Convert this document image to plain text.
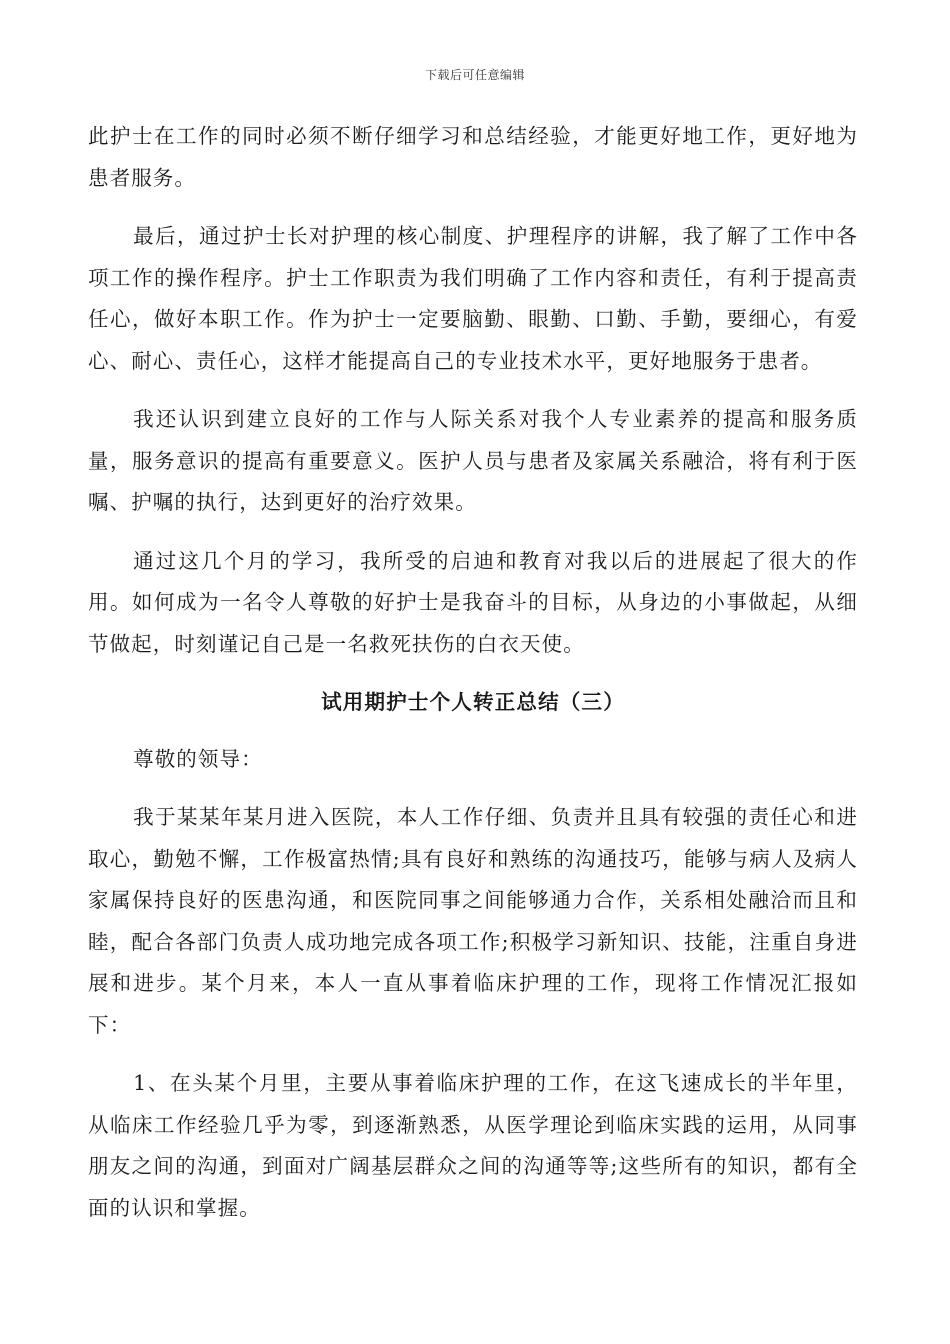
下载后可任意编辑

此护士在工作的同时必须不断仔细学习和总结经验，才能更好地工作，更好地为患者服务。

最后，通过护士长对护理的核心制度、护理程序的讲解，我了解了工作中各项工作的操作程序。护士工作职责为我们明确了工作内容和责任，有利于提高责任心，做好本职工作。作为护士一定要脑勤、眼勤、口勤、手勤，要细心，有爱心、耐心、责任心，这样才能提高自己的专业技术水平，更好地服务于患者。

我还认识到建立良好的工作与人际关系对我个人专业素养的提高和服务质量，服务意识的提高有重要意义。医护人员与患者及家属关系融洽，将有利于医嘱、护嘱的执行，达到更好的治疗效果。

通过这几个月的学习，我所受的启迪和教育对我以后的进展起了很大的作用。如何成为一名令人尊敬的好护士是我奋斗的目标，从身边的小事做起，从细节做起，时刻谨记自己是一名救死扶伤的白衣天使。

试用期护士个人转正总结（三）

尊敬的领导：

我于某某年某月进入医院，本人工作仔细、负责并且具有较强的责任心和进取心，勤勉不懈，工作极富热情;具有良好和熟练的沟通技巧，能够与病人及病人家属保持良好的医患沟通，和医院同事之间能够通力合作，关系相处融洽而且和睦，配合各部门负责人成功地完成各项工作;积极学习新知识、技能，注重自身进展和进步。某个月来，本人一直从事着临床护理的工作，现将工作情况汇报如下：

1、在头某个月里，主要从事着临床护理的工作，在这飞速成长的半年里，从临床工作经验几乎为零，到逐渐熟悉，从医学理论到临床实践的运用，从同事朋友之间的沟通，到面对广阔基层群众之间的沟通等等;这些所有的知识，都有全面的认识和掌握。
